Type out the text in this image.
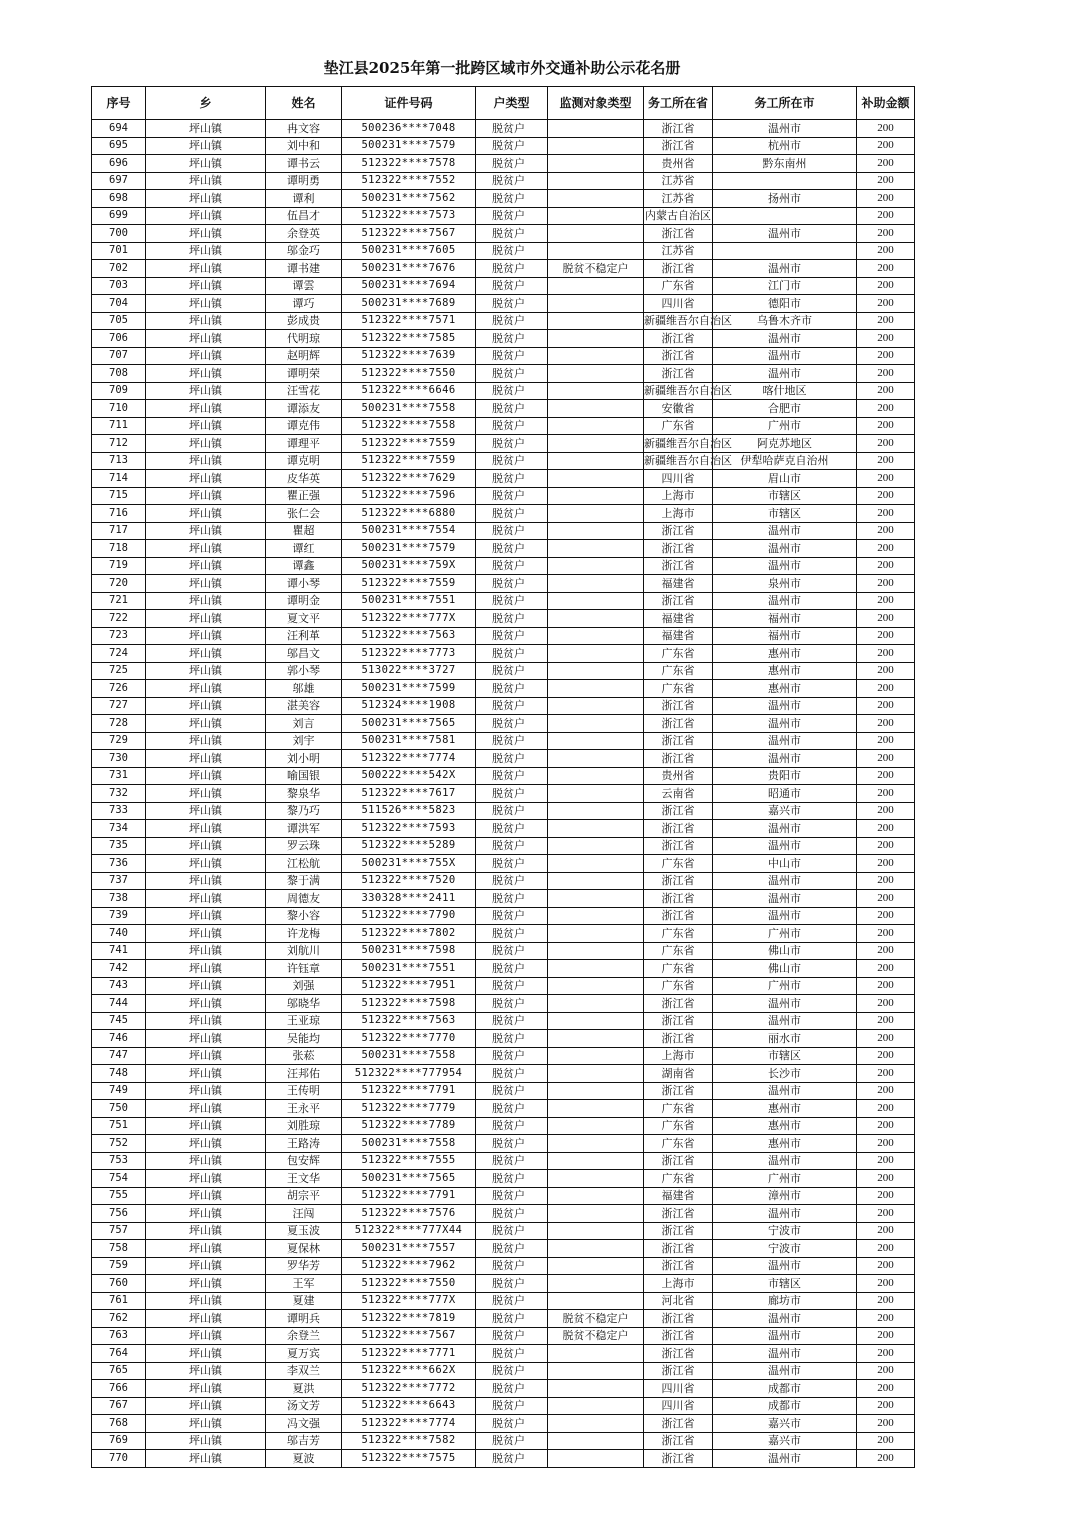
垫江县2025年第一批跨区域市外交通补助公示花名册
序号	乡	姓名	证件号码	户类型	监测对象类型	务工所在省	务工所在市	补助金额
694	坪山镇	冉文容	500236****7048	脱贫户		浙江省	温州市	200
695	坪山镇	刘中和	500231****7579	脱贫户		浙江省	杭州市	200
696	坪山镇	谭书云	512322****7578	脱贫户		贵州省	黔东南州	200
697	坪山镇	谭明勇	512322****7552	脱贫户		江苏省		200
698	坪山镇	谭利	500231****7562	脱贫户		江苏省	扬州市	200
699	坪山镇	伍昌才	512322****7573	脱贫户		内蒙古自治区		200
700	坪山镇	余登英	512322****7567	脱贫户		浙江省	温州市	200
701	坪山镇	邬金巧	500231****7605	脱贫户		江苏省		200
702	坪山镇	谭书建	500231****7676	脱贫户	脱贫不稳定户	浙江省	温州市	200
703	坪山镇	谭雲	500231****7694	脱贫户		广东省	江门市	200
704	坪山镇	谭巧	500231****7689	脱贫户		四川省	德阳市	200
705	坪山镇	彭成贵	512322****7571	脱贫户		新疆维吾尔自治区	乌鲁木齐市	200
706	坪山镇	代明琼	512322****7585	脱贫户		浙江省	温州市	200
707	坪山镇	赵明辉	512322****7639	脱贫户		浙江省	温州市	200
708	坪山镇	谭明荣	512322****7550	脱贫户		浙江省	温州市	200
709	坪山镇	汪雪花	512322****6646	脱贫户		新疆维吾尔自治区	喀什地区	200
710	坪山镇	谭添友	500231****7558	脱贫户		安徽省	合肥市	200
711	坪山镇	谭克伟	512322****7558	脱贫户		广东省	广州市	200
712	坪山镇	谭理平	512322****7559	脱贫户		新疆维吾尔自治区	阿克苏地区	200
713	坪山镇	谭克明	512322****7559	脱贫户		新疆维吾尔自治区	伊犁哈萨克自治州	200
714	坪山镇	皮华英	512322****7629	脱贫户		四川省	眉山市	200
715	坪山镇	瞿正强	512322****7596	脱贫户		上海市	市辖区	200
716	坪山镇	张仁会	512322****6880	脱贫户		上海市	市辖区	200
717	坪山镇	瞿超	500231****7554	脱贫户		浙江省	温州市	200
718	坪山镇	谭红	500231****7579	脱贫户		浙江省	温州市	200
719	坪山镇	谭鑫	500231****759X	脱贫户		浙江省	温州市	200
720	坪山镇	谭小琴	512322****7559	脱贫户		福建省	泉州市	200
721	坪山镇	谭明金	500231****7551	脱贫户		浙江省	温州市	200
722	坪山镇	夏文平	512322****777X	脱贫户		福建省	福州市	200
723	坪山镇	汪利革	512322****7563	脱贫户		福建省	福州市	200
724	坪山镇	邬昌文	512322****7773	脱贫户		广东省	惠州市	200
725	坪山镇	郭小琴	513022****3727	脱贫户		广东省	惠州市	200
726	坪山镇	邬雄	500231****7599	脱贫户		广东省	惠州市	200
727	坪山镇	湛美容	512324****1908	脱贫户		浙江省	温州市	200
728	坪山镇	刘言	500231****7565	脱贫户		浙江省	温州市	200
729	坪山镇	刘宇	500231****7581	脱贫户		浙江省	温州市	200
730	坪山镇	刘小明	512322****7774	脱贫户		浙江省	温州市	200
731	坪山镇	喻国银	500222****542X	脱贫户		贵州省	贵阳市	200
732	坪山镇	黎泉华	512322****7617	脱贫户		云南省	昭通市	200
733	坪山镇	黎乃巧	511526****5823	脱贫户		浙江省	嘉兴市	200
734	坪山镇	谭洪军	512322****7593	脱贫户		浙江省	温州市	200
735	坪山镇	罗云珠	512322****5289	脱贫户		浙江省	温州市	200
736	坪山镇	江松航	500231****755X	脱贫户		广东省	中山市	200
737	坪山镇	黎于满	512322****7520	脱贫户		浙江省	温州市	200
738	坪山镇	周德友	330328****2411	脱贫户		浙江省	温州市	200
739	坪山镇	黎小容	512322****7790	脱贫户		浙江省	温州市	200
740	坪山镇	许龙梅	512322****7802	脱贫户		广东省	广州市	200
741	坪山镇	刘航川	500231****7598	脱贫户		广东省	佛山市	200
742	坪山镇	许钰章	500231****7551	脱贫户		广东省	佛山市	200
743	坪山镇	刘强	512322****7951	脱贫户		广东省	广州市	200
744	坪山镇	邬晓华	512322****7598	脱贫户		浙江省	温州市	200
745	坪山镇	王亚琼	512322****7563	脱贫户		浙江省	温州市	200
746	坪山镇	吴能均	512322****7770	脱贫户		浙江省	丽水市	200
747	坪山镇	张菘	500231****7558	脱贫户		上海市	市辖区	200
748	坪山镇	汪邦佑	512322****777954	脱贫户		湖南省	长沙市	200
749	坪山镇	王传明	512322****7791	脱贫户		浙江省	温州市	200
750	坪山镇	王永平	512322****7779	脱贫户		广东省	惠州市	200
751	坪山镇	刘胜琼	512322****7789	脱贫户		广东省	惠州市	200
752	坪山镇	王路涛	500231****7558	脱贫户		广东省	惠州市	200
753	坪山镇	包安辉	512322****7555	脱贫户		浙江省	温州市	200
754	坪山镇	王文华	500231****7565	脱贫户		广东省	广州市	200
755	坪山镇	胡宗平	512322****7791	脱贫户		福建省	漳州市	200
756	坪山镇	汪闯	512322****7576	脱贫户		浙江省	温州市	200
757	坪山镇	夏玉波	512322****777X44	脱贫户		浙江省	宁波市	200
758	坪山镇	夏保林	500231****7557	脱贫户		浙江省	宁波市	200
759	坪山镇	罗华芳	512322****7962	脱贫户		浙江省	温州市	200
760	坪山镇	王军	512322****7550	脱贫户		上海市	市辖区	200
761	坪山镇	夏建	512322****777X	脱贫户		河北省	廊坊市	200
762	坪山镇	谭明兵	512322****7819	脱贫户	脱贫不稳定户	浙江省	温州市	200
763	坪山镇	余登兰	512322****7567	脱贫户	脱贫不稳定户	浙江省	温州市	200
764	坪山镇	夏万宾	512322****7771	脱贫户		浙江省	温州市	200
765	坪山镇	李双兰	512322****662X	脱贫户		浙江省	温州市	200
766	坪山镇	夏洪	512322****7772	脱贫户		四川省	成都市	200
767	坪山镇	汤文芳	512322****6643	脱贫户		四川省	成都市	200
768	坪山镇	冯文强	512322****7774	脱贫户		浙江省	嘉兴市	200
769	坪山镇	邬吉芳	512322****7582	脱贫户		浙江省	嘉兴市	200
770	坪山镇	夏波	512322****7575	脱贫户		浙江省	温州市	200
